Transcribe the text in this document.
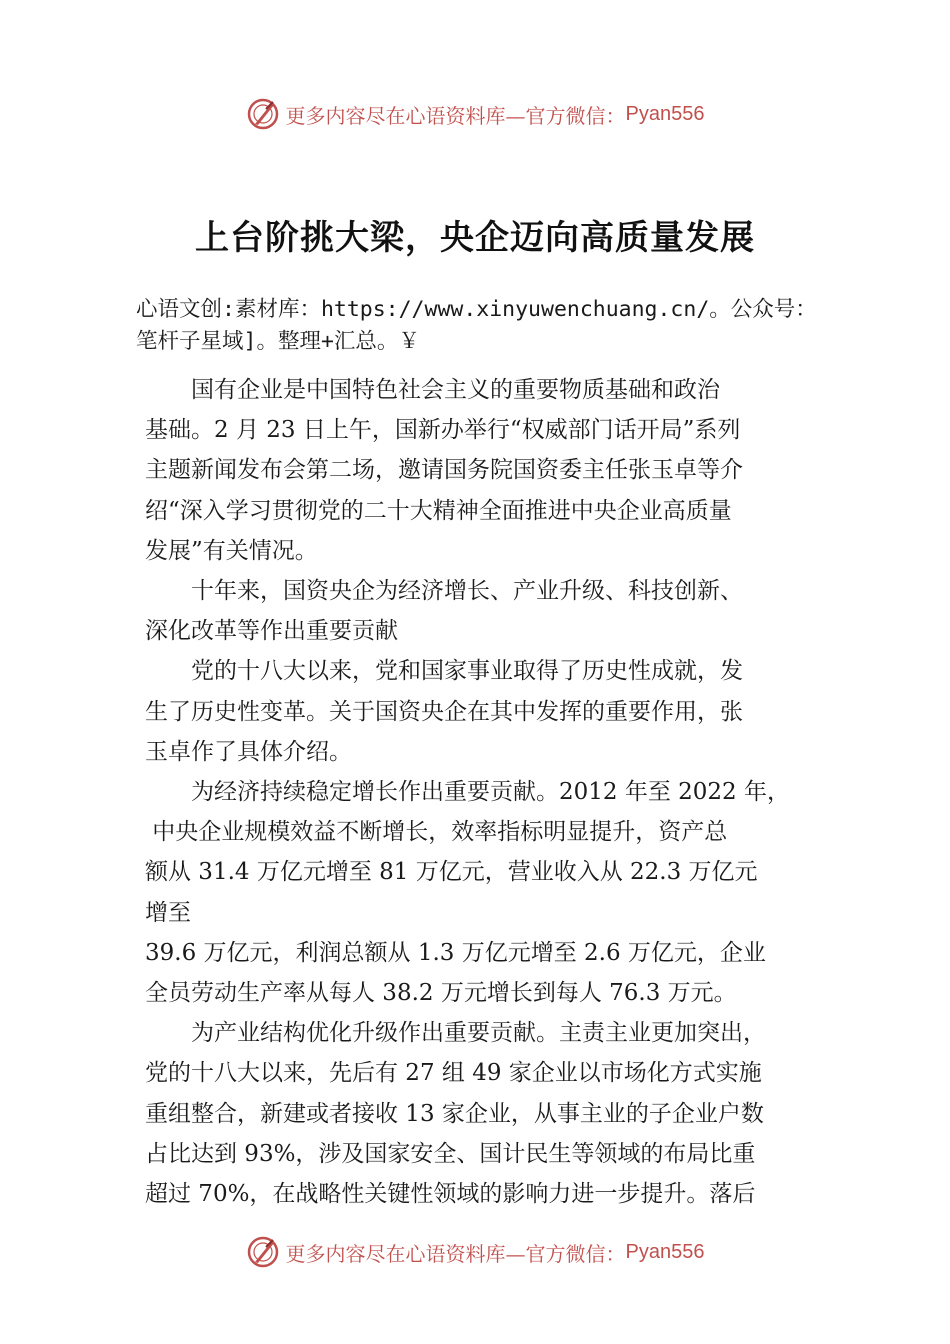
更多内容尽在心语资料库—官方微信： Pyan556
上台阶挑大梁，央企迈向高质量发展
心语文创:素材库：https://www.xinyuwenchuang.cn/。公众号：
笔杆子星域]。整理+汇总。￥

国有企业是中国特色社会主义的重要物质基础和政治

基础。2 月 23 日上午，国新办举行“权威部门话开局”系列

主题新闻发布会第二场，邀请国务院国资委主任张玉卓等介

绍“深入学习贯彻党的二十大精神全面推进中央企业高质量

发展”有关情况。

十年来，国资央企为经济增长、产业升级、科技创新、

深化改革等作出重要贡献

党的十八大以来，党和国家事业取得了历史性成就，发

生了历史性变革。关于国资央企在其中发挥的重要作用，张

玉卓作了具体介绍。

为经济持续稳定增长作出重要贡献。2012 年至 2022 年，

中央企业规模效益不断增长，效率指标明显提升，资产总

额从 31.4 万亿元增至 81 万亿元，营业收入从 22.3 万亿元

增至

39.6 万亿元，利润总额从 1.3 万亿元增至 2.6 万亿元，企业

全员劳动生产率从每人 38.2 万元增长到每人 76.3 万元。

为产业结构优化升级作出重要贡献。主责主业更加突出，

党的十八大以来，先后有 27 组 49 家企业以市场化方式实施

重组整合，新建或者接收 13 家企业，从事主业的子企业户数

占比达到 93%，涉及国家安全、国计民生等领域的布局比重

超过 70%，在战略性关键性领域的影响力进一步提升。落后

更多内容尽在心语资料库—官方微信： Pyan556
